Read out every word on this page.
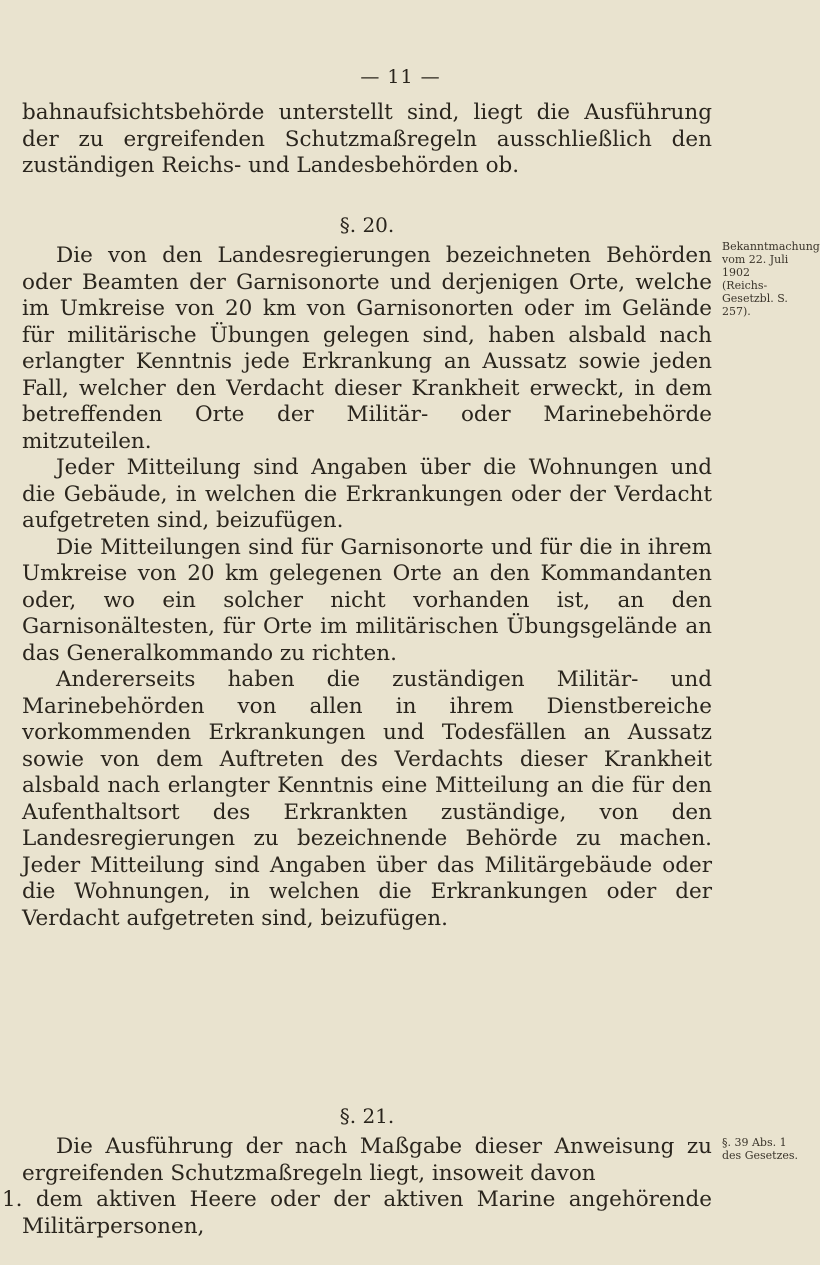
— 11 —

bahnaufsichtsbehörde unterstellt sind, liegt die Ausführung der zu ergreifenden Schutzmaßregeln ausschließlich den zuständigen Reichs- und Landesbehörden ob.

§. 20.

Die von den Landesregierungen bezeichneten Behörden oder Beamten der Garnisonorte und derjenigen Orte, welche im Umkreise von 20 km von Garnisonorten oder im Gelände für militärische Übungen gelegen sind, haben alsbald nach erlangter Kenntnis jede Erkrankung an Aussatz sowie jeden Fall, welcher den Verdacht dieser Krankheit erweckt, in dem betreffenden Orte der Militär- oder Marinebehörde mitzuteilen.

Jeder Mitteilung sind Angaben über die Wohnungen und die Gebäude, in welchen die Erkrankungen oder der Verdacht aufgetreten sind, beizufügen.

Die Mitteilungen sind für Garnisonorte und für die in ihrem Umkreise von 20 km gelegenen Orte an den Kommandanten oder, wo ein solcher nicht vorhanden ist, an den Garnisonältesten, für Orte im militärischen Übungsgelände an das Generalkommando zu richten.

Andererseits haben die zuständigen Militär- und Marinebehörden von allen in ihrem Dienstbereiche vorkommenden Erkrankungen und Todesfällen an Aussatz sowie von dem Auftreten des Verdachts dieser Krankheit alsbald nach erlangter Kenntnis eine Mitteilung an die für den Aufenthaltsort des Erkrankten zuständige, von den Landesregierungen zu bezeichnende Behörde zu machen. Jeder Mitteilung sind Angaben über das Militärgebäude oder die Wohnungen, in welchen die Erkrankungen oder der Verdacht aufgetreten sind, beizufügen.

Bekanntmachung vom 22. Juli 1902 (Reichs-Gesetzbl. S. 257).
§. 21.

Die Ausführung der nach Maßgabe dieser Anweisung zu ergreifenden Schutzmaßregeln liegt, insoweit davon

1. dem aktiven Heere oder der aktiven Marine angehörende Militärpersonen,

§. 39 Abs. 1 des Gesetzes.
